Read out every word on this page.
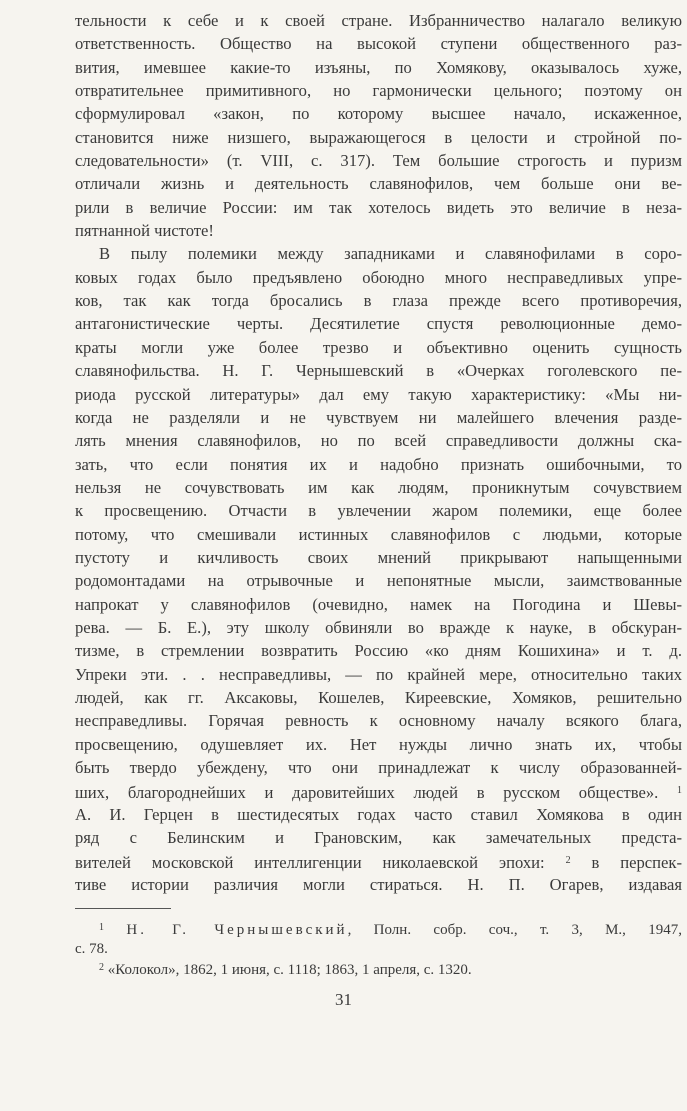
тельности к себе и к своей стране. Избранничество налагало великую
ответственность. Общество на высокой ступени общественного раз-
вития, имевшее какие-то изъяны, по Хомякову, оказывалось хуже,
отвратительнее примитивного, но гармонически цельного; поэтому он
сформулировал «закон, по которому высшее начало, искаженное,
становится ниже низшего, выражающегося в целости и стройной по-
следовательности» (т. VIII, с. 317). Тем большие строгость и пуризм
отличали жизнь и деятельность славянофилов, чем больше они ве-
рили в величие России: им так хотелось видеть это величие в неза-
пятнанной чистоте!
В пылу полемики между западниками и славянофилами в соро-
ковых годах было предъявлено обоюдно много несправедливых упре-
ков, так как тогда бросались в глаза прежде всего противоречия,
антагонистические черты. Десятилетие спустя революционные демо-
краты могли уже более трезво и объективно оценить сущность
славянофильства. Н. Г. Чернышевский в «Очерках гоголевского пе-
риода русской литературы» дал ему такую характеристику: «Мы ни-
когда не разделяли и не чувствуем ни малейшего влечения разде-
лять мнения славянофилов, но по всей справедливости должны ска-
зать, что если понятия их и надобно признать ошибочными, то
нельзя не сочувствовать им как людям, проникнутым сочувствием
к просвещению. Отчасти в увлечении жаром полемики, еще более
потому, что смешивали истинных славянофилов с людьми, которые
пустоту и кичливость своих мнений прикрывают напыщенными
родомонтадами на отрывочные и непонятные мысли, заимствованные
напрокат у славянофилов (очевидно, намек на Погодина и Шевы-
рева. — Б. Е.), эту школу обвиняли во вражде к науке, в обскуран-
тизме, в стремлении возвратить Россию «ко дням Кошихина» и т. д.
Упреки эти. . . несправедливы, — по крайней мере, относительно таких
людей, как гг. Аксаковы, Кошелев, Киреевские, Хомяков, решительно
несправедливы. Горячая ревность к основному началу всякого блага,
просвещению, одушевляет их. Нет нужды лично знать их, чтобы
быть твердо убеждену, что они принадлежат к числу образованней-
ших, благороднейших и даровитейших людей в русском обществе». $^1$
А. И. Герцен в шестидесятых годах часто ставил Хомякова в один
ряд с Белинским и Грановским, как замечательных предста-
вителей московской интеллигенции николаевской эпохи: $^2$ в перспек-
тиве истории различия могли стираться. Н. П. Огарев, издавая
$^1$ Н. Г. Чернышевский, Полн. собр. соч., т. 3, М., 1947,
с. 78.
$^2$ «Колокол», 1862, 1 июня, с. 1118; 1863, 1 апреля, с. 1320.
31
